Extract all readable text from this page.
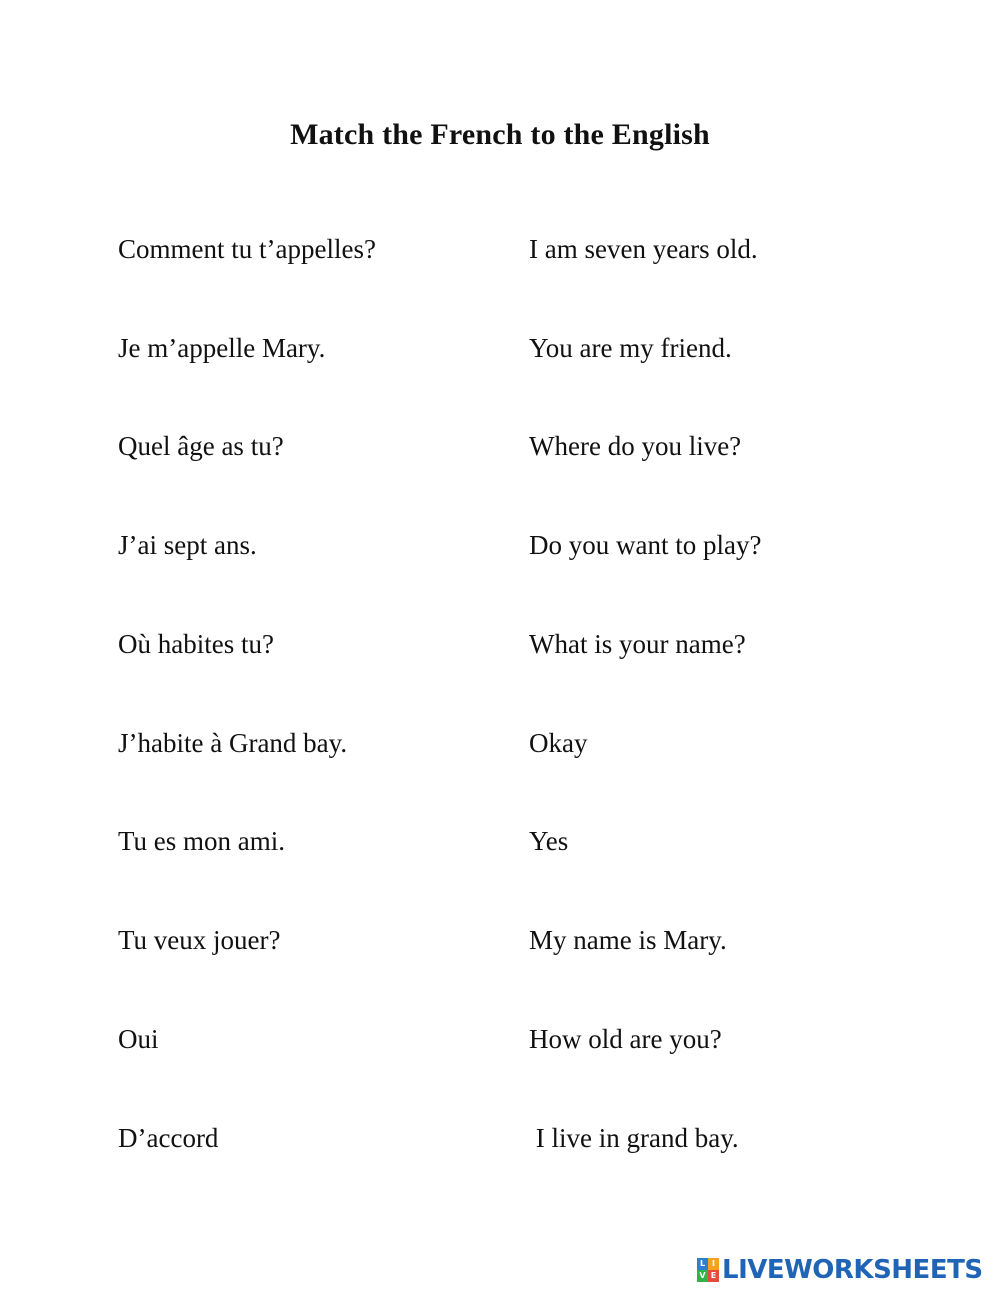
Match the French to the English
Comment tu t’appelles?	I am seven years old.
Je m’appelle Mary.	You are my friend.
Quel âge as tu?	Where do you live?
J’ai sept ans.	Do you want to play?
Où habites tu?	What is your name?
J’habite à Grand bay.	Okay
Tu es mon ami.	Yes
Tu veux jouer?	My name is Mary.
Oui	How old are you?
D’accord	I live in grand bay.
L I
V E LIVEWORKSHEETS
